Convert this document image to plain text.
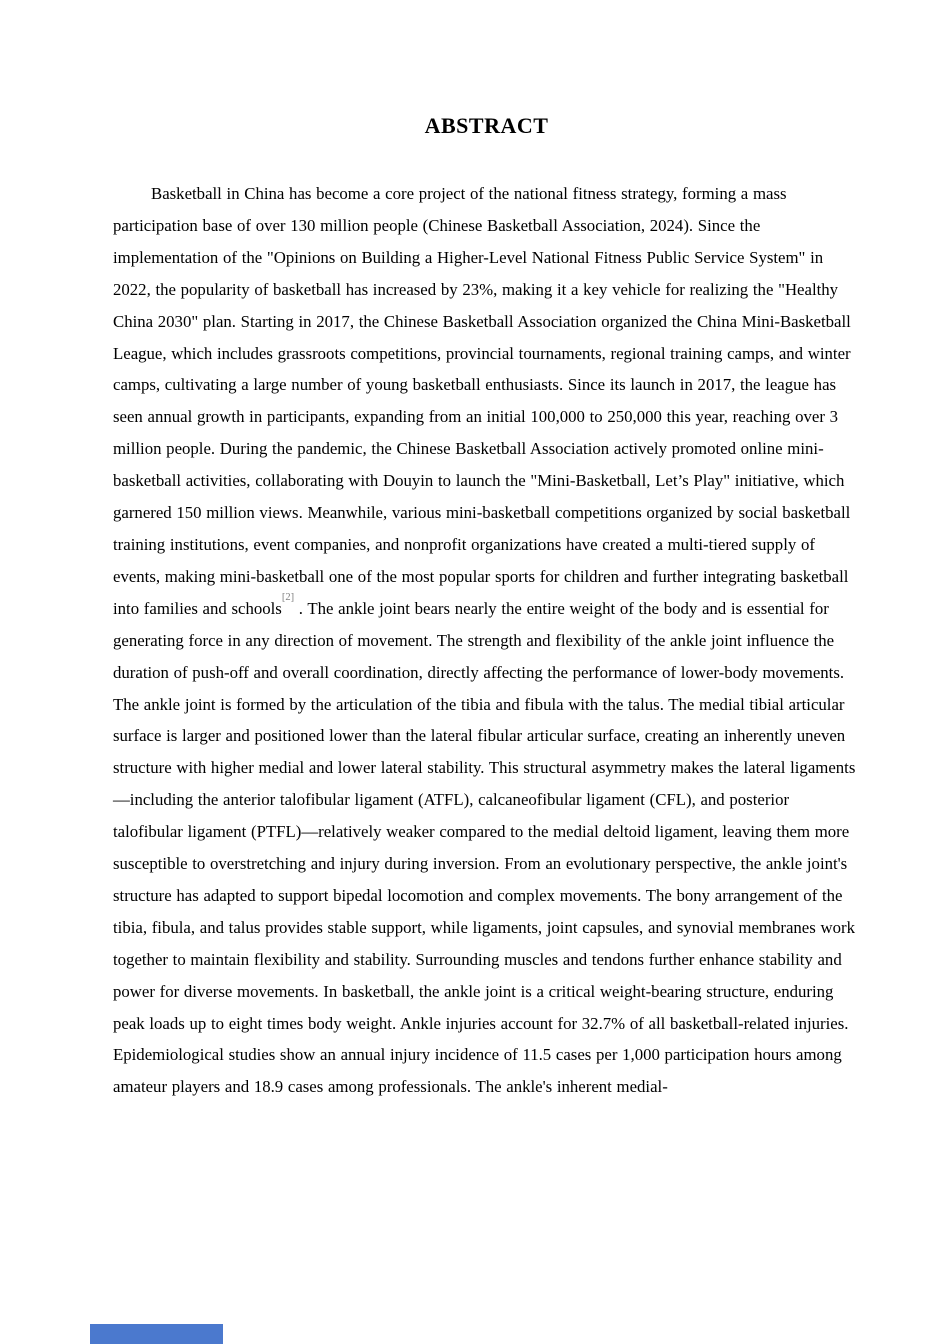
ABSTRACT

Basketball in China has become a core project of the national fitness strategy, forming a mass participation base of over 130 million people (Chinese Basketball Association, 2024). Since the implementation of the "Opinions on Building a Higher-Level National Fitness Public Service System" in 2022, the popularity of basketball has increased by 23%, making it a key vehicle for realizing the "Healthy China 2030" plan. Starting in 2017, the Chinese Basketball Association organized the China Mini-Basketball League, which includes grassroots competitions, provincial tournaments, regional training camps, and winter camps, cultivating a large number of young basketball enthusiasts. Since its launch in 2017, the league has seen annual growth in participants, expanding from an initial 100,000 to 250,000 this year, reaching over 3 million people. During the pandemic, the Chinese Basketball Association actively promoted online mini-basketball activities, collaborating with Douyin to launch the "Mini-Basketball, Let’s Play" initiative, which garnered 150 million views. Meanwhile, various mini-basketball competitions organized by social basketball training institutions, event companies, and nonprofit organizations have created a multi-tiered supply of events, making mini-basketball one of the most popular sports for children and further integrating basketball into families and schools[2] . The ankle joint bears nearly the entire weight of the body and is essential for generating force in any direction of movement. The strength and flexibility of the ankle joint influence the duration of push-off and overall coordination, directly affecting the performance of lower-body movements. The ankle joint is formed by the articulation of the tibia and fibula with the talus. The medial tibial articular surface is larger and positioned lower than the lateral fibular articular surface, creating an inherently uneven structure with higher medial and lower lateral stability. This structural asymmetry makes the lateral ligaments—including the anterior talofibular ligament (ATFL), calcaneofibular ligament (CFL), and posterior talofibular ligament (PTFL)—relatively weaker compared to the medial deltoid ligament, leaving them more susceptible to overstretching and injury during inversion. From an evolutionary perspective, the ankle joint's structure has adapted to support bipedal locomotion and complex movements. The bony arrangement of the tibia, fibula, and talus provides stable support, while ligaments, joint capsules, and synovial membranes work together to maintain flexibility and stability. Surrounding muscles and tendons further enhance stability and power for diverse movements. In basketball, the ankle joint is a critical weight-bearing structure, enduring peak loads up to eight times body weight. Ankle injuries account for 32.7% of all basketball-related injuries. Epidemiological studies show an annual injury incidence of 11.5 cases per 1,000 participation hours among amateur players and 18.9 cases among professionals. The ankle's inherent medial-
